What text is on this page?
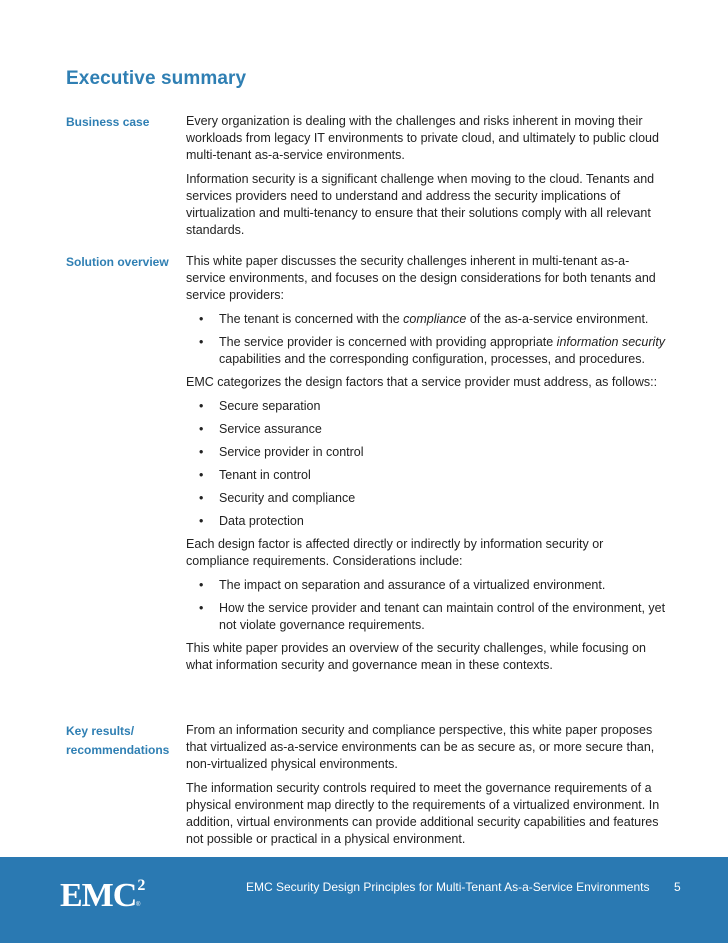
Executive summary
Business case	Every organization is dealing with the challenges and risks inherent in moving their workloads from legacy IT environments to private cloud, and ultimately to public cloud multi-tenant as-a-service environments.

Information security is a significant challenge when moving to the cloud. Tenants and services providers need to understand and address the security implications of virtualization and multi-tenancy to ensure that their solutions comply with all relevant standards.

Solution overview	This white paper discusses the security challenges inherent in multi-tenant as-a-service environments, and focuses on the design considerations for both tenants and service providers:

• The tenant is concerned with the compliance of the as-a-service environment.
• The service provider is concerned with providing appropriate information security capabilities and the corresponding configuration, processes, and procedures.

EMC categorizes the design factors that a service provider must address, as follows::

• Secure separation
• Service assurance
• Service provider in control
• Tenant in control
• Security and compliance
• Data protection

Each design factor is affected directly or indirectly by information security or compliance requirements. Considerations include:

• The impact on separation and assurance of a virtualized environment.
• How the service provider and tenant can maintain control of the environment, yet not violate governance requirements.

This white paper provides an overview of the security challenges, while focusing on what information security and governance mean in these contexts.

Key results/
recommendations

From an information security and compliance perspective, this white paper proposes that virtualized as-a-service environments can be as secure as, or more secure than, non-virtualized physical environments.

The information security controls required to meet the governance requirements of a physical environment map directly to the requirements of a virtualized environment. In addition, virtual environments can provide additional security capabilities and features not possible or practical in a physical environment.

EMC$^2$
®
EMC Security Design Principles for Multi-Tenant As-a-Service Environments 5
